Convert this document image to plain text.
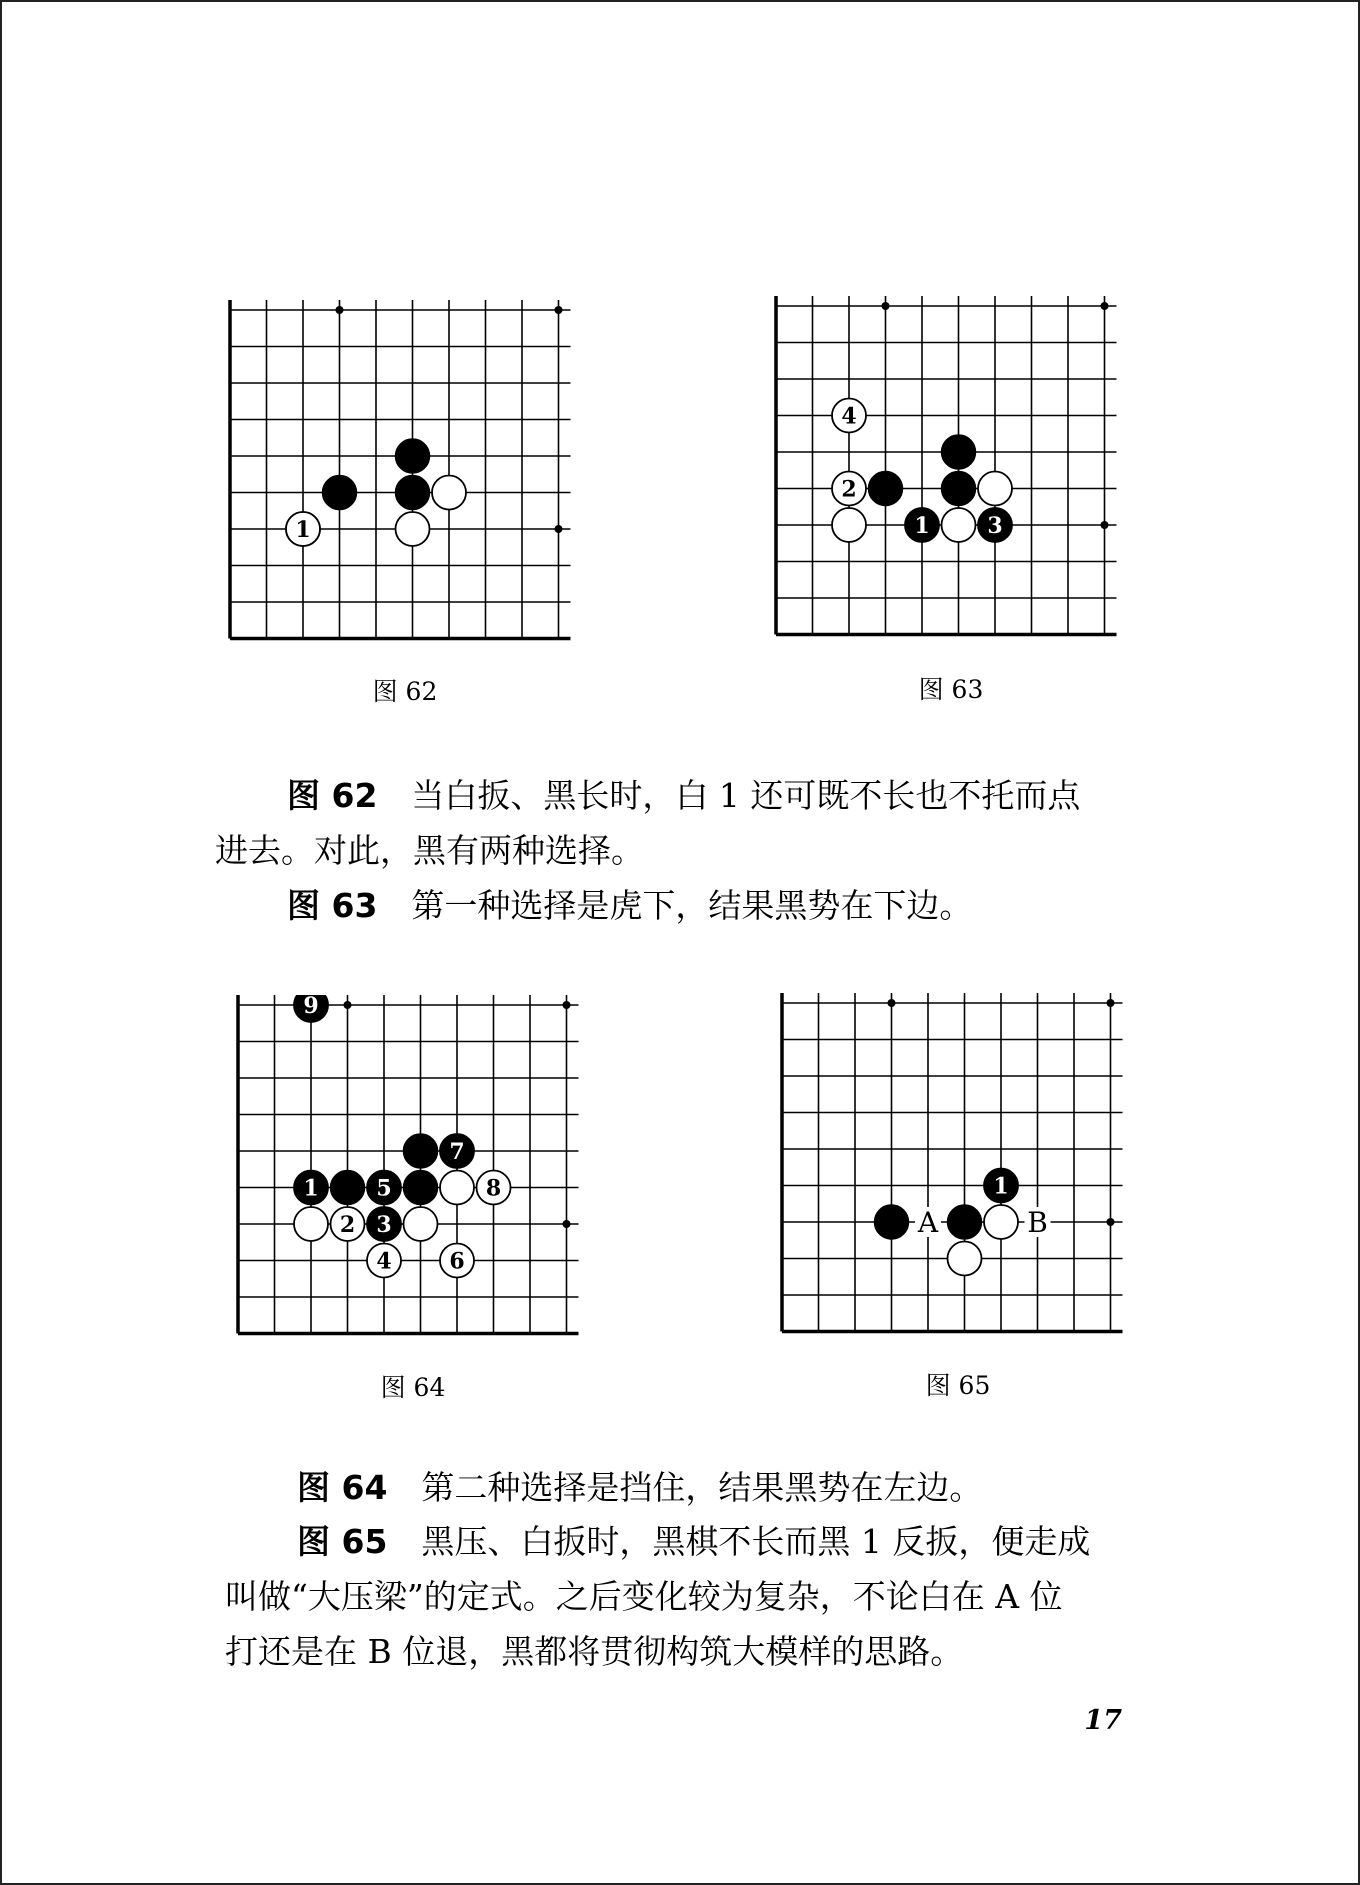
1
图 62
1
2
3
4
图 63
图 62 当白扳、黑长时，白 1 还可既不长也不托而点
进去。对此，黑有两种选择。
图 63 第一种选择是虎下，结果黑势在下边。
1
2 3
4
5
6
7
8
9
图 64
1
A	B
图 65
图 64 第二种选择是挡住，结果黑势在左边。
图 65 黑压、白扳时，黑棋不长而黑 1 反扳，便走成
叫做“大压梁”的定式。之后变化较为复杂，不论白在 A 位
打还是在 B 位退，黑都将贯彻构筑大模样的思路。
17
